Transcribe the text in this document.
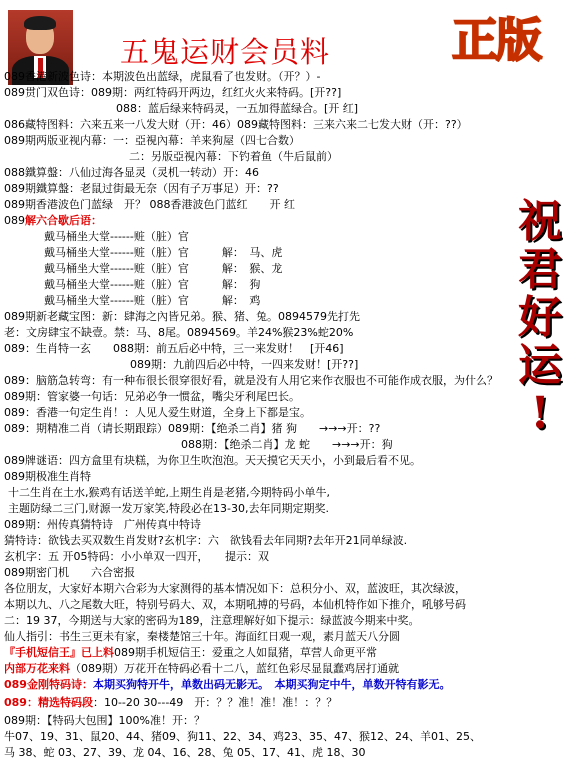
五鬼运财会员料	正版
祝
君
好
运
!
089香港新波色诗：本期波色出蓝绿，虎鼠看了也发财。（开？）-
089贯门双色诗：089期：两红特码开两边，红红火火来特码。[开??]
088：蓝后绿来特码灵，一五加得蓝绿合。[开 红]
086藏特图料：六来五来一八发大财（开：46）089藏特图料：三来六来二七发大财（开：??）
089期两版亚视内幕：一：亞視內幕：羊来狗屋（四七合数）
二：另版亞視內幕：下钓着鱼（牛后鼠前）
088鐵算盤：八仙过海各显灵（灵机一转动）开：46
089期鐵算盤：老鼠过街最无奈（因有子万事足）开：??
089期香港波色门蓝绿　开？ 088香港波色门蓝红　　开 红
089解六合歇后语：
戴马桶坐大堂------赃（脏）官
戴马桶坐大堂------赃（脏）官　　　解：　马、虎
戴马桶坐大堂------赃（脏）官　　　解：　猴、龙
戴马桶坐大堂------赃（脏）官　　　解：　狗
戴马桶坐大堂------赃（脏）官　　　解：　鸡
089期新老藏宝图：新：肆海之內皆兄弟。猴、猪、兔。0894579先打先
老：文房肆宝不缺壹。禁：马、8尾。0894569。羊24%猴23%蛇20%
089：生肖特一玄　　088期：前五后必中特，三一来发财！　[开46]
089期：九前四后必中特，一四来发财！[开??]
089：脑筋急转弯：有一种布很长很穿很好看，就是没有人用它来作衣服也不可能作成衣服，为什么？
089期：管家婆一句话：兄弟必争一惯盆，嘴尖牙利尾巴长。
089：香港一句定生肖！：人见人爱生财道，全身上下都是宝。
089：期精准二肖（请长期跟踪）089期：【绝杀二肖】猪 狗　　→→→开：??
088期：【绝杀二肖】龙 蛇　　→→→开：狗
089牌谜语：四方盒里有块糕，为你卫生吹泡泡。天天摸它天天小，小到最后看不见。
089期极准生肖特
十二生肖在土水,猴鸡有话送羊蛇,上期生肖是老猪,今期特码小单牛,
主题防绿二三门,财源一发万家笑,特段必在13-30,去年同期定期奖.
089期：州传真猜特诗　广州传真中特诗
猜特诗：欲钱去买双数生肖发财?玄机字：六　欲钱看去年同期?去年开21同单绿波.
玄机字：五 开05特码：小小单双一四开，　　提示：双
089期密门机　　六合密报
各位朋友，大家好本期六合彩为大家测得的基本情况如下：总积分小、双，蓝波旺，其次绿波，
本期以九、八之尾数大旺，特别号码大、双，本期吼搏的号码，本仙机特作如下推介，吼够号码
二：19 37，今期送与大家的密码为189，注意理解好如下提示：绿蓝波今期来中奖。
仙人指引：书生三更未有家，秦楼楚馆三十年。海面红日观一观，素月蓝天八分圆
『手机短信王』已上料089期手机短信王：爱重之人如鼠猪，草营人命更平常
内部万花来料（089期）万花开在特码必看十二八，蓝红色彩尽显鼠蠢鸡居打通就
089金刚特码诗：本期买狗特开牛，单数出码无影无。　本期买狗定中牛，单数开特有影无。
089：精选特码段：10--20 30---49　开：？？准！准！准！：？？
089期：【特码大包围】100%准！开：？
牛07、19、31、鼠20、44、猪09、狗11、22、34、鸡23、35、47、猴12、24、羊01、25、
马 38、蛇 03、27、39、龙 04、16、28、兔 05、17、41、虎 18、30
